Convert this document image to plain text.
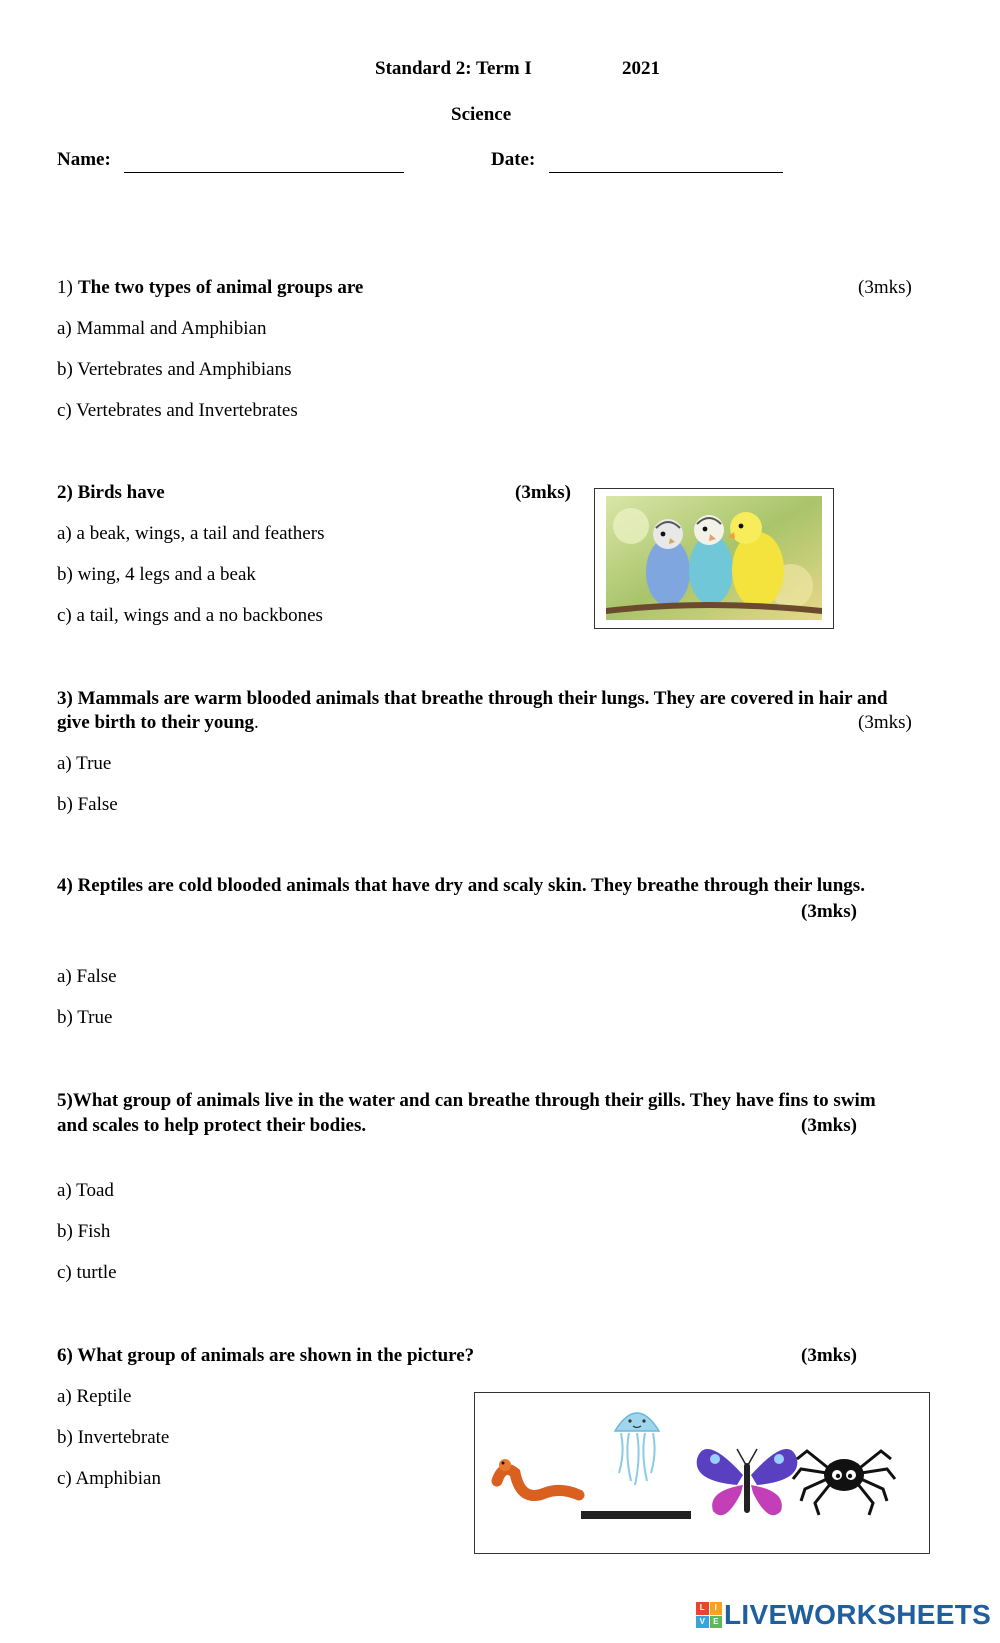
Standard 2: Term I	2021
Science
Name:	Date:
1) The two types of animal groups are	(3mks)
a) Mammal and Amphibian
b) Vertebrates and Amphibians
c) Vertebrates and Invertebrates
2) Birds have	(3mks)
a) a beak, wings, a tail and feathers
b) wing, 4 legs and a beak
c) a tail, wings and a no backbones
3) Mammals are warm blooded animals that breathe through their lungs. They are covered in hair and
give birth to their young.	(3mks)
a) True
b) False
4) Reptiles are cold blooded animals that have dry and scaly skin. They breathe through their lungs.
(3mks)
a) False
b) True
5)What group of animals live in the water and can breathe through their gills. They have fins to swim
and scales to help protect their bodies.	(3mks)
a) Toad
b) Fish
c) turtle
6) What group of animals are shown in the picture?	(3mks)
a) Reptile
b) Invertebrate
c) Amphibian
L	I
V	E LIVEWORKSHEETS
